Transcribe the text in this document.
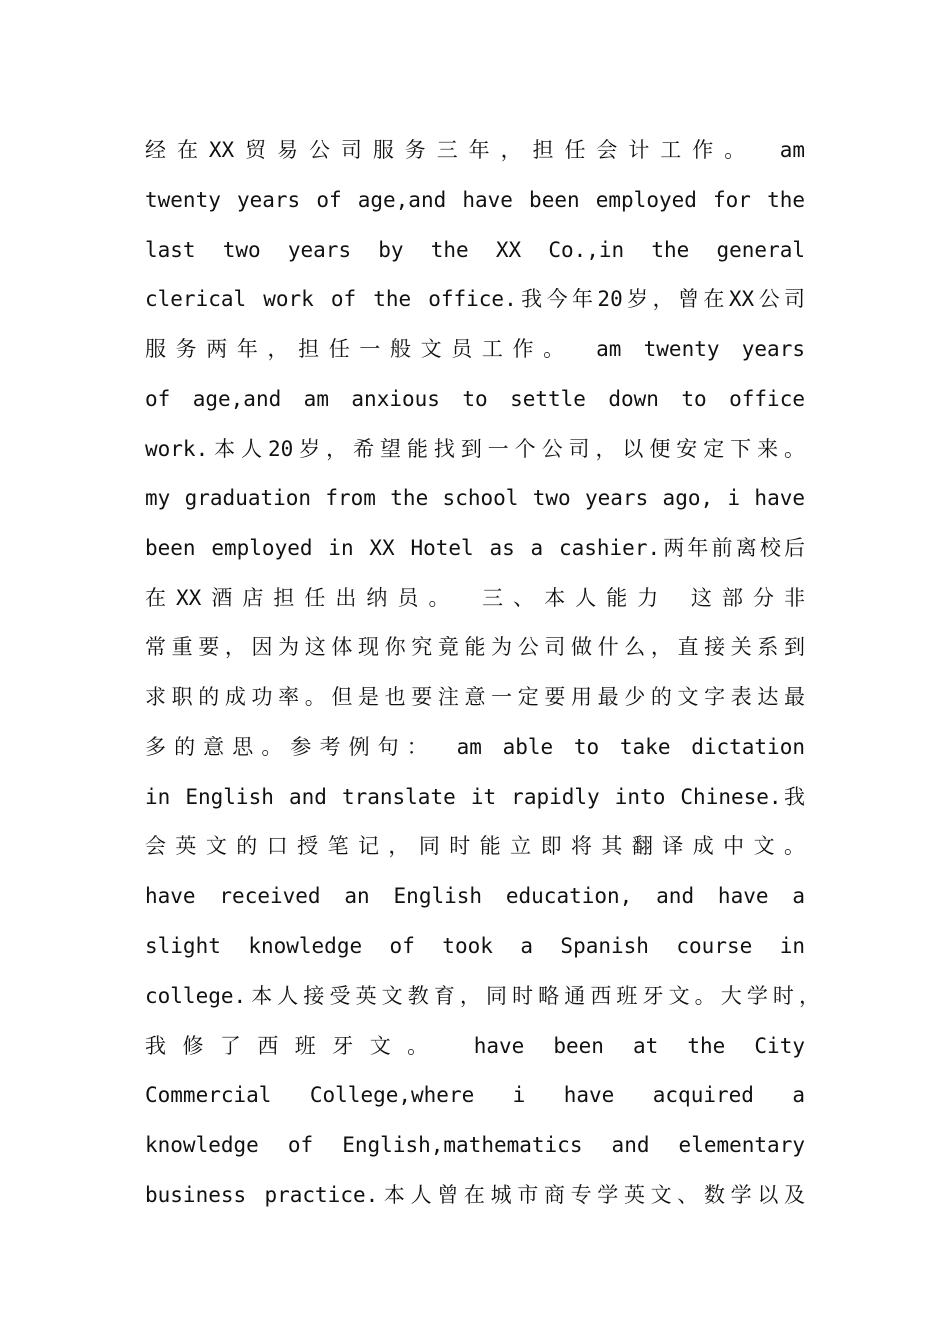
经在XX贸易公司服务三年，担任会计工作。 am
twenty years of age,and have been employed for the
last two years by the XX Co.,in the general
clerical work of the office.我今年20岁，曾在XX公司
服务两年，担任一般文员工作。 am twenty years
of age,and am anxious to settle down to office
work.本人20岁，希望能找到一个公司，以便安定下来。
my graduation from the school two years ago, i have
been employed in XX Hotel as a cashier.两年前离校后
在XX酒店担任出纳员。 三、本人能力 这部分非
常重要，因为这体现你究竟能为公司做什么，直接关系到
求职的成功率。但是也要注意一定要用最少的文字表达最
多的意思。参考例句： am able to take dictation
in English and translate it rapidly into Chinese.我
会英文的口授笔记，同时能立即将其翻译成中文。
have received an English education, and have a
slight knowledge of took a Spanish course in
college.本人接受英文教育，同时略通西班牙文。大学时，
我修了西班牙文。 have been at the City
Commercial College,where i have acquired a
knowledge of English,mathematics and elementary
business practice.本人曾在城市商专学英文、数学以及
